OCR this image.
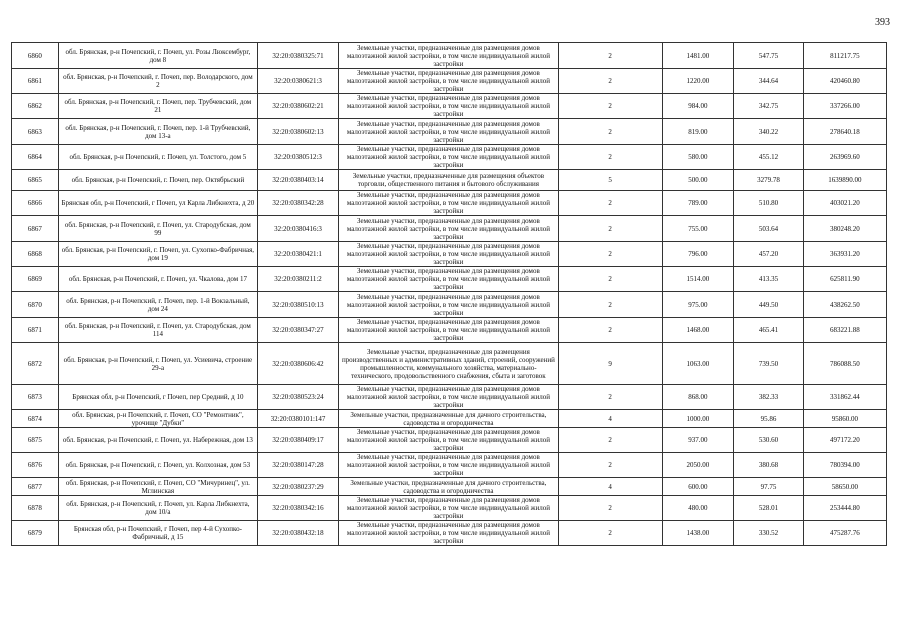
393
6860	обл. Брянская, р-н Почепский, г. Почеп, ул. Розы Люксембург, дом 8	32:20:0380325:71	Земельные участки, предназначенные для размещения домов малоэтажной жилой застройки, в том числе индивидуальной жилой застройки	2	1481.00	547.75	811217.75
6861	обл. Брянская, р-н Почепский, г. Почеп, пер. Володарского, дом 2	32:20:0380621:3	Земельные участки, предназначенные для размещения домов малоэтажной жилой застройки, в том числе индивидуальной жилой застройки	2	1220.00	344.64	420460.80
6862	обл. Брянская, р-н Почепский, г. Почеп, пер. Трубчевский, дом 21	32:20:0380602:21	Земельные участки, предназначенные для размещения домов малоэтажной жилой застройки, в том числе индивидуальной жилой застройки	2	984.00	342.75	337266.00
6863	обл. Брянская, р-н Почепский, г. Почеп, пер. 1-й Трубчевский, дом 13-а	32:20:0380602:13	Земельные участки, предназначенные для размещения домов малоэтажной жилой застройки, в том числе индивидуальной жилой застройки	2	819.00	340.22	278640.18
6864	обл. Брянская, р-н Почепский, г. Почеп, ул. Толстого, дом 5	32:20:0380512:3	Земельные участки, предназначенные для размещения домов малоэтажной жилой застройки, в том числе индивидуальной жилой застройки	2	580.00	455.12	263969.60
6865	обл. Брянская, р-н Почепский, г. Почеп, пер. Октябрьский	32:20:0380403:14	Земельные участки, предназначенные для размещения объектов торговли, общественного питания и бытового обслуживания	5	500.00	3279.78	1639890.00
6866	Брянская обл, р-н Почепский, г Почеп, ул Карла Либкнехта, д 20	32:20:0380342:28	Земельные участки, предназначенные для размещения домов малоэтажной жилой застройки, в том числе индивидуальной жилой застройки	2	789.00	510.80	403021.20
6867	обл. Брянская, р-н Почепский, г. Почеп, ул. Стародубская, дом 99	32:20:0380416:3	Земельные участки, предназначенные для размещения домов малоэтажной жилой застройки, в том числе индивидуальной жилой застройки	2	755.00	503.64	380248.20
6868	обл. Брянская, р-н Почепский, г. Почеп, ул. Сухопко-Фабричная, дом 19	32:20:0380421:1	Земельные участки, предназначенные для размещения домов малоэтажной жилой застройки, в том числе индивидуальной жилой застройки	2	796.00	457.20	363931.20
6869	обл. Брянская, р-н Почепский, г. Почеп, ул. Чкалова, дом 17	32:20:0380211:2	Земельные участки, предназначенные для размещения домов малоэтажной жилой застройки, в том числе индивидуальной жилой застройки	2	1514.00	413.35	625811.90
6870	обл. Брянская, р-н Почепский, г. Почеп, пер. 1-й Вокзальный, дом 24	32:20:0380510:13	Земельные участки, предназначенные для размещения домов малоэтажной жилой застройки, в том числе индивидуальной жилой застройки	2	975.00	449.50	438262.50
6871	обл. Брянская, р-н Почепский, г. Почеп, ул. Стародубская, дом 114	32:20:0380347:27	Земельные участки, предназначенные для размещения домов малоэтажной жилой застройки, в том числе индивидуальной жилой застройки	2	1468.00	465.41	683221.88
6872	обл. Брянская, р-н Почепский, г. Почеп, ул. Усиевича, строение 29-а	32:20:0380606:42	Земельные участки, предназначенные для размещения производственных и административных зданий, строений, сооружений промышленности, коммунального хозяйства, материально-технического, продовольственного снабжения, сбыта и заготовок	9	1063.00	739.50	786088.50
6873	Брянская обл, р-н Почепский, г Почеп, пер Средний, д 10	32:20:0380523:24	Земельные участки, предназначенные для размещения домов малоэтажной жилой застройки, в том числе индивидуальной жилой застройки	2	868.00	382.33	331862.44
6874	обл. Брянская, р-н Почепский, г. Почеп, СО "Ремонтник", урочище "Дубки"	32:20:0380101:147	Земельные участки, предназначенные для дачного строительства, садоводства и огородничества	4	1000.00	95.86	95860.00
6875	обл. Брянская, р-н Почепский, г. Почеп, ул. Набережная, дом 13	32:20:0380409:17	Земельные участки, предназначенные для размещения домов малоэтажной жилой застройки, в том числе индивидуальной жилой застройки	2	937.00	530.60	497172.20
6876	обл. Брянская, р-н Почепский, г. Почеп, ул. Колхозная, дом 53	32:20:0380147:28	Земельные участки, предназначенные для размещения домов малоэтажной жилой застройки, в том числе индивидуальной жилой застройки	2	2050.00	380.68	780394.00
6877	обл. Брянская, р-н Почепский, г. Почеп, СО "Мичуринец", ул. Мглинская	32:20:0380237:29	Земельные участки, предназначенные для дачного строительства, садоводства и огородничества	4	600.00	97.75	58650.00
6878	обл. Брянская, р-н Почепский, г. Почеп, ул. Карла Либкнехта, дом 10/а	32:20:0380342:16	Земельные участки, предназначенные для размещения домов малоэтажной жилой застройки, в том числе индивидуальной жилой застройки	2	480.00	528.01	253444.80
6879	Брянская обл, р-н Почепский, г Почеп, пер 4-й Сухопко-Фабричный, д 15	32:20:0380432:18	Земельные участки, предназначенные для размещения домов малоэтажной жилой застройки, в том числе индивидуальной жилой застройки	2	1438.00	330.52	475287.76
